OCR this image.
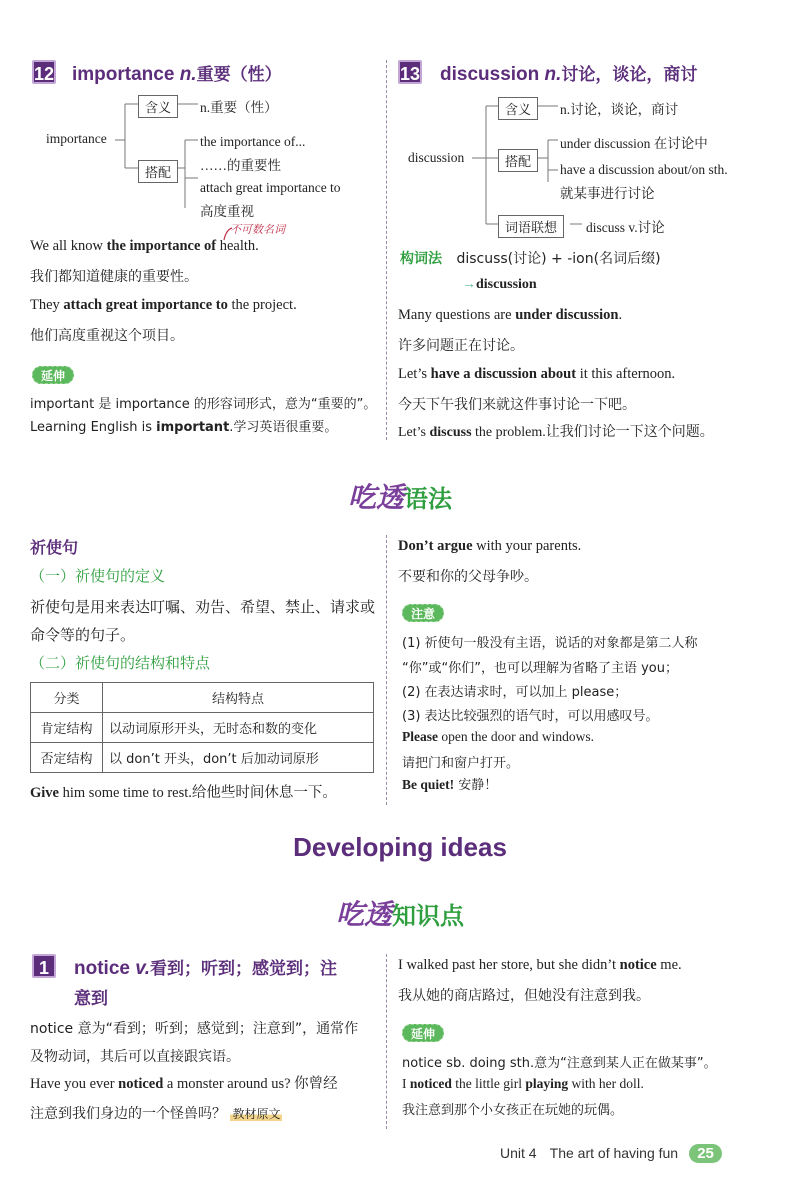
12 importance n.重要（性）
importance
含义	n.重要（性）
搭配
the importance of...
……的重要性
attach great importance to
高度重视
不可数名词
We all know the importance of health.
我们都知道健康的重要性。
They attach great importance to the project.
他们高度重视这个项目。
延伸
important 是 importance 的形容词形式，意为“重要的”。
Learning English is important.学习英语很重要。
13 discussion n.讨论，谈论，商讨
discussion
含义	n.讨论，谈论，商讨
搭配
under discussion 在讨论中
have a discussion about/on sth.
就某事进行讨论
词语联想	discuss v.讨论
构词法 discuss(讨论) + -ion(名词后缀)
→discussion
Many questions are under discussion.
许多问题正在讨论。
Let’s have a discussion about it this afternoon.
今天下午我们来就这件事讨论一下吧。
Let’s discuss the problem.让我们讨论一下这个问题。
吃透语法
祈使句
（一）祈使句的定义
祈使句是用来表达叮嘱、劝告、希望、禁止、请求或命令等的句子。
（二）祈使句的结构和特点
分类	结构特点
肯定结构	以动词原形开头，无时态和数的变化
否定结构	以 don’t 开头，don’t 后加动词原形
Give him some time to rest.给他些时间休息一下。
Don’t argue with your parents.
不要和你的父母争吵。
注意
(1) 祈使句一般没有主语，说话的对象都是第二人称
“你”或“你们”，也可以理解为省略了主语 you；
(2) 在表达请求时，可以加上 please；
(3) 表达比较强烈的语气时，可以用感叹号。
Please open the door and windows.
请把门和窗户打开。
Be quiet! 安静！
Developing ideas
吃透知识点
1	notice v.看到；听到；感觉到；注
意到
notice 意为“看到；听到；感觉到；注意到”，通常作
及物动词，其后可以直接跟宾语。
Have you ever noticed a monster around us? 你曾经
注意到我们身边的一个怪兽吗？ 教材原文
I walked past her store, but she didn’t notice me.
我从她的商店路过，但她没有注意到我。
延伸
notice sb. doing sth.意为“注意到某人正在做某事”。
I noticed the little girl playing with her doll.
我注意到那个小女孩正在玩她的玩偶。
Unit 4 The art of having fun 25
